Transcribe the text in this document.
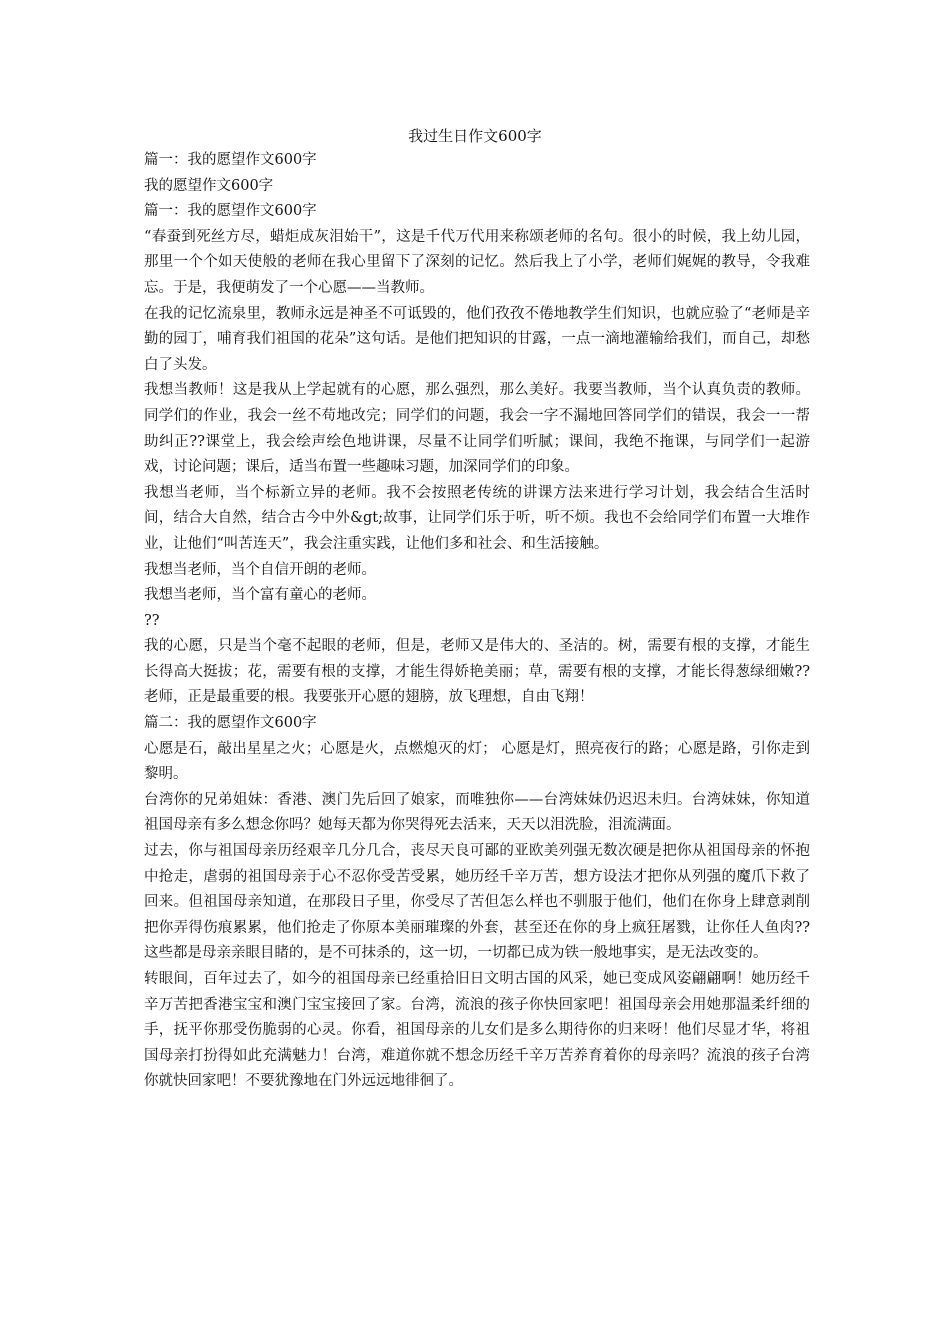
我过生日作文600字

篇一：我的愿望作文600字

我的愿望作文600字

篇一：我的愿望作文600字

“春蚕到死丝方尽，蜡炬成灰泪始干”，这是千代万代用来称颂老师的名句。很小的时候，我上幼儿园，那里一个个如天使般的老师在我心里留下了深刻的记忆。然后我上了小学，老师们娓娓的教导，令我难忘。于是，我便萌发了一个心愿——当教师。

在我的记忆流泉里，教师永远是神圣不可诋毁的，他们孜孜不倦地教学生们知识，也就应验了“老师是辛勤的园丁，哺育我们祖国的花朵”这句话。是他们把知识的甘露，一点一滴地灌输给我们，而自己，却愁白了头发。

我想当教师！这是我从上学起就有的心愿，那么强烈，那么美好。我要当教师，当个认真负责的教师。同学们的作业，我会一丝不苟地改完；同学们的问题，我会一字不漏地回答同学们的错误，我会一一帮助纠正??课堂上，我会绘声绘色地讲课，尽量不让同学们听腻；课间，我绝不拖课，与同学们一起游戏，讨论问题；课后，适当布置一些趣味习题，加深同学们的印象。

我想当老师，当个标新立异的老师。我不会按照老传统的讲课方法来进行学习计划，我会结合生活时间，结合大自然，结合古今中外&gt;故事，让同学们乐于听，听不烦。我也不会给同学们布置一大堆作业，让他们“叫苦连天”，我会注重实践，让他们多和社会、和生活接触。

我想当老师，当个自信开朗的老师。

我想当老师，当个富有童心的老师。

??

我的心愿，只是当个毫不起眼的老师，但是，老师又是伟大的、圣洁的。树，需要有根的支撑，才能生长得高大挺拔；花，需要有根的支撑，才能生得娇艳美丽；草，需要有根的支撑，才能长得葱绿细嫩??老师，正是最重要的根。我要张开心愿的翅膀，放飞理想，自由飞翔！

篇二：我的愿望作文600字

心愿是石，敲出星星之火；心愿是火，点燃熄灭的灯； 心愿是灯，照亮夜行的路；心愿是路，引你走到黎明。

台湾你的兄弟姐妹：香港、澳门先后回了娘家，而唯独你——台湾妹妹仍迟迟未归。台湾妹妹，你知道祖国母亲有多么想念你吗？她每天都为你哭得死去活来，天天以泪洗脸，泪流满面。

过去，你与祖国母亲历经艰辛几分几合，丧尽天良可鄙的亚欧美列强无数次硬是把你从祖国母亲的怀抱中抢走，虐弱的祖国母亲于心不忍你受苦受累，她历经千辛万苦，想方设法才把你从列强的魔爪下救了回来。但祖国母亲知道，在那段日子里，你受尽了苦但怎么样也不驯服于他们，他们在你身上肆意剥削把你弄得伤痕累累，他们抢走了你原本美丽璀璨的外套，甚至还在你的身上疯狂屠戮，让你任人鱼肉??这些都是母亲亲眼目睹的，是不可抹杀的，这一切，一切都已成为铁一般地事实，是无法改变的。

转眼间，百年过去了，如今的祖国母亲已经重拾旧日文明古国的风采，她已变成风姿翩翩啊！她历经千辛万苦把香港宝宝和澳门宝宝接回了家。台湾，流浪的孩子你快回家吧！祖国母亲会用她那温柔纤细的手，抚平你那受伤脆弱的心灵。你看，祖国母亲的儿女们是多么期待你的归来呀！他们尽显才华，将祖国母亲打扮得如此充满魅力！台湾，难道你就不想念历经千辛万苦养育着你的母亲吗？流浪的孩子台湾你就快回家吧！不要犹豫地在门外远远地徘徊了。
